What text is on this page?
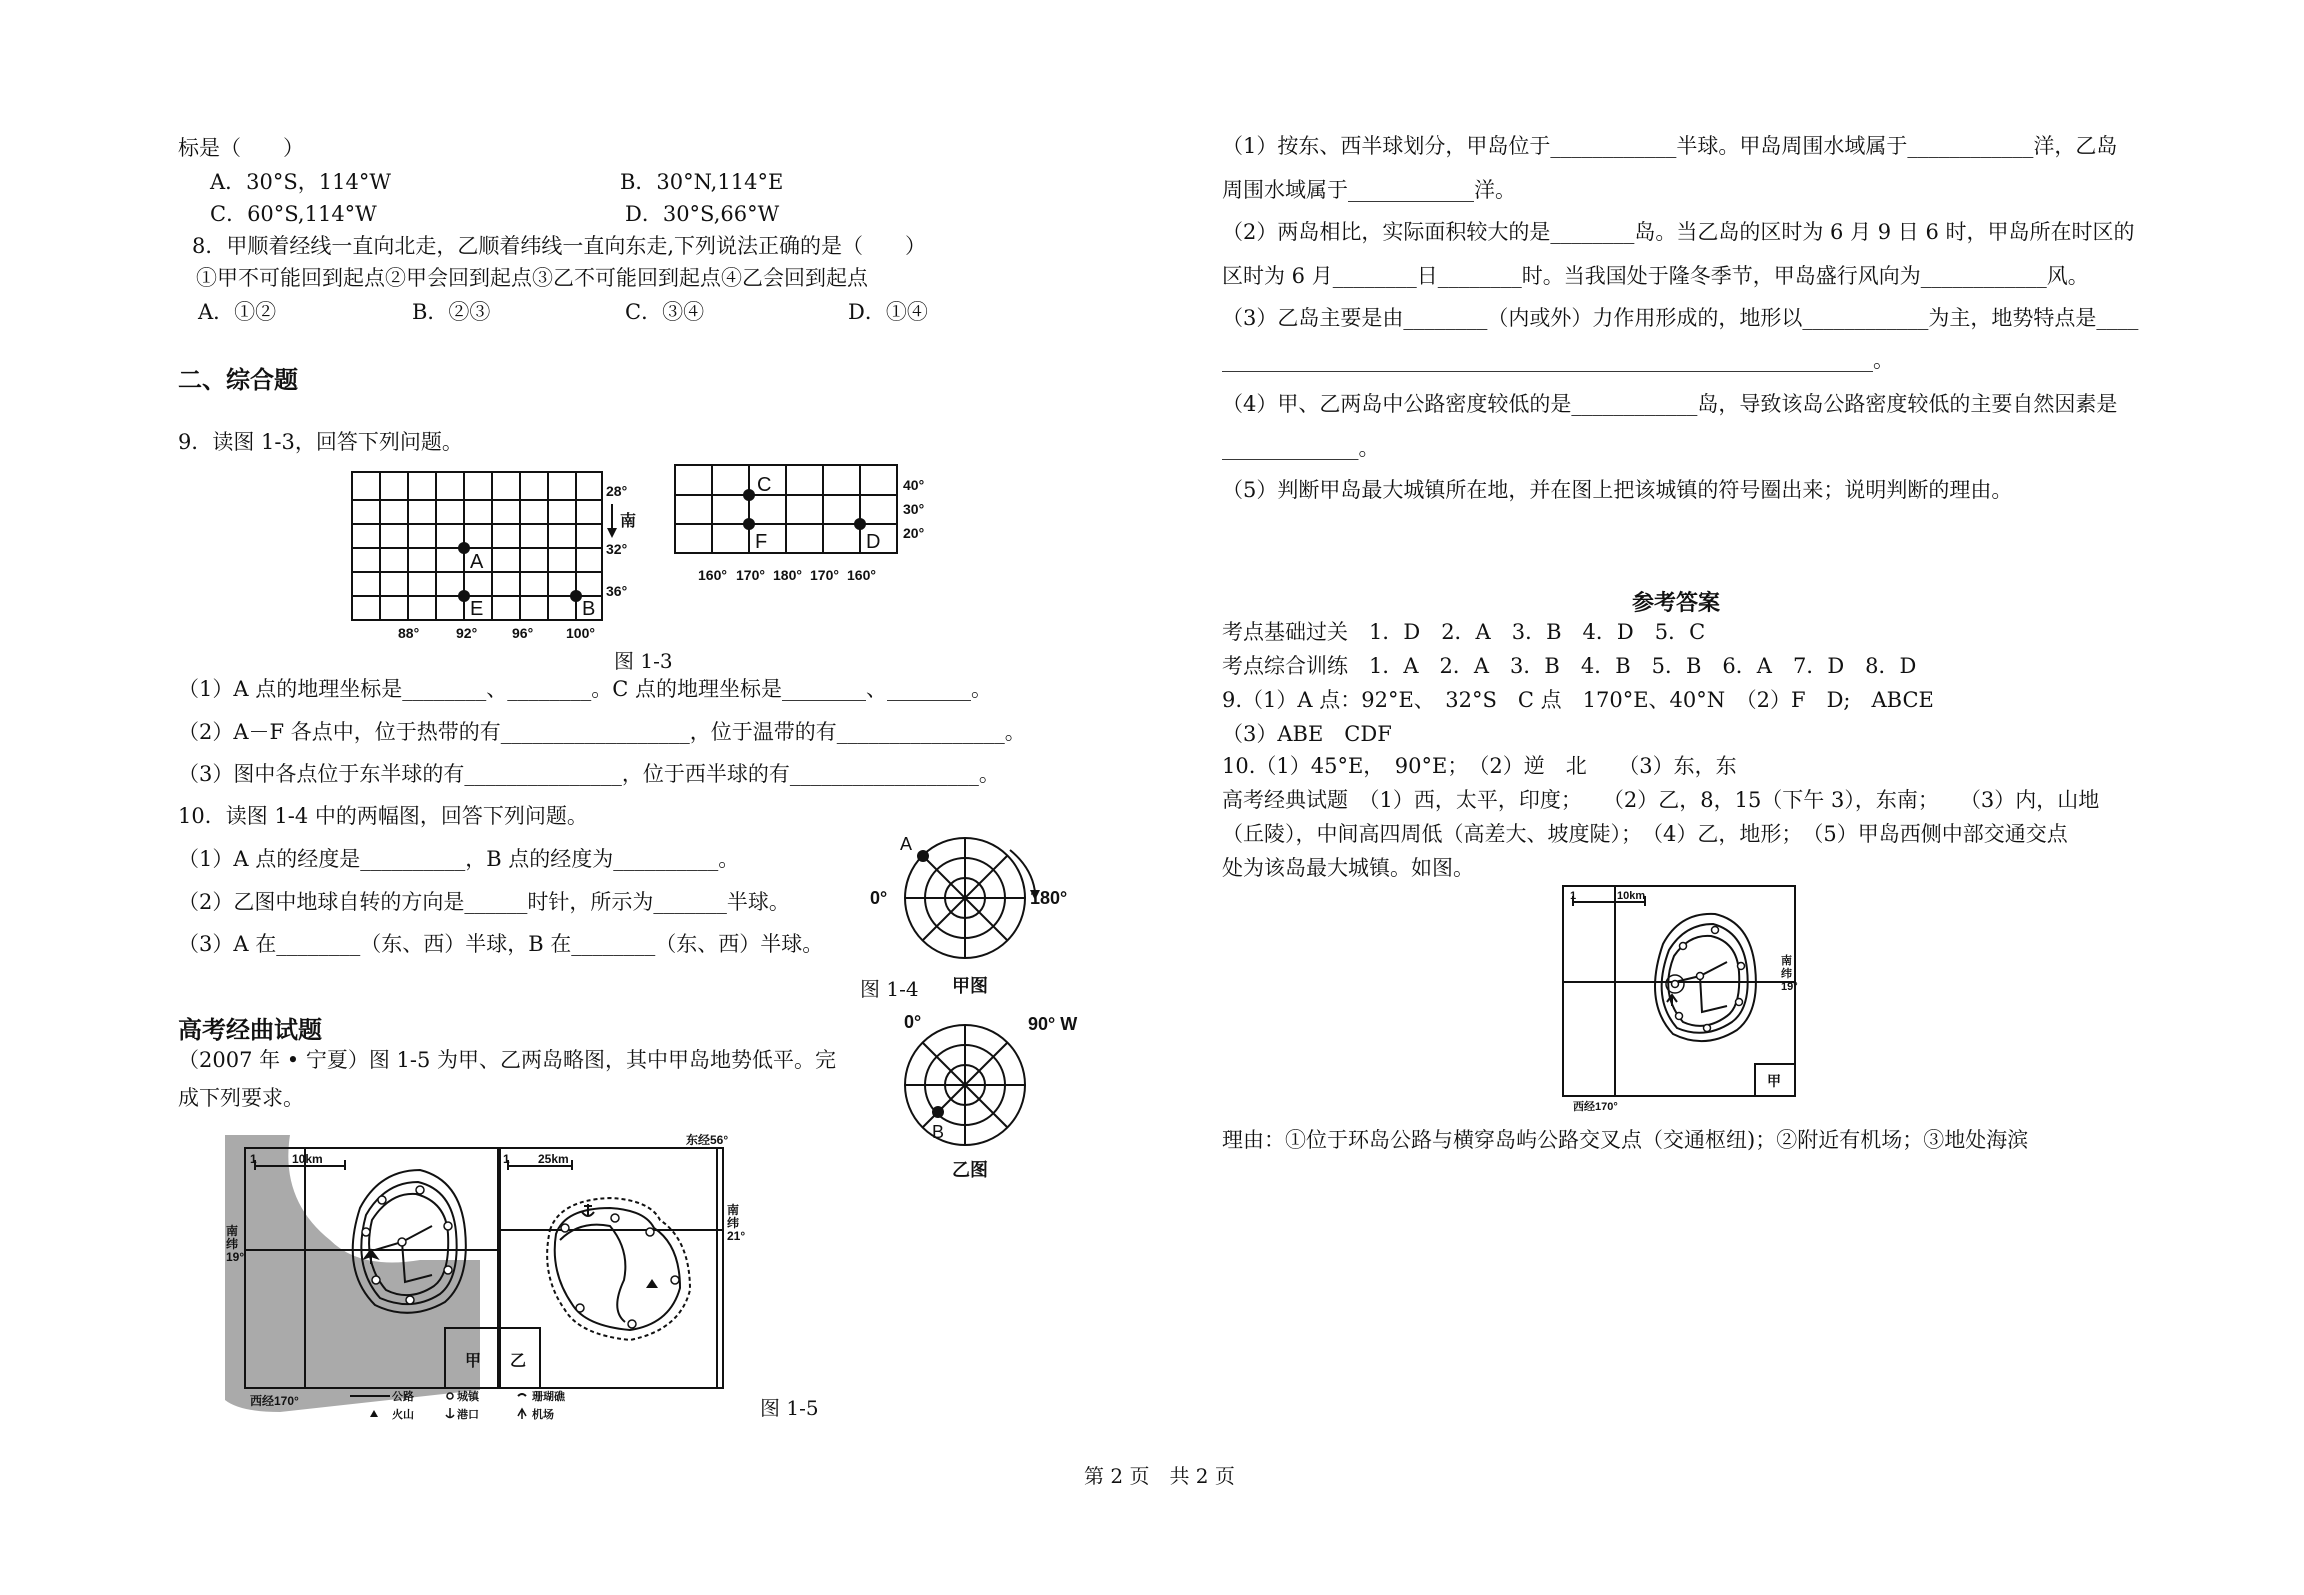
标是（　　）
A．30°S，114°W	B．30°N,114°E
C．60°S,114°W	D．30°S,66°W
8．甲顺着经线一直向北走，乙顺着纬线一直向东走,下列说法正确的是（　　）
①甲不可能回到起点②甲会回到起点③乙不可能回到起点④乙会回到起点
A．①②	B．②③	C．③④	D．①④
二、综合题
9．读图 1-3，回答下列问题。
28°
南
32°
36°
88°	92° 96° 100°
40°
30°
20°
160° 170° 180° 170° 160°
A
E	B
C
F	D
图 1-3
（1）A 点的地理坐标是________、________。C 点的地理坐标是________、________。
（2）A－F 各点中，位于热带的有__________________，位于温带的有________________。
（3）图中各点位于东半球的有_______________，位于西半球的有__________________。
10．读图 1-4 中的两幅图，回答下列问题。
（1）A 点的经度是__________，B 点的经度为__________。
（2）乙图中地球自转的方向是______时针，所示为_______半球。
（3）A 在________（东、西）半球，B 在________（东、西）半球。
A
0°	180°
甲图
0°	90° W
B
乙图
图 1-4
高考经曲试题
（2007 年 • 宁夏）图 1-5 为甲、乙两岛略图，其中甲岛地势低平。完
成下列要求。
1	10km
南
纬
19°
西经170°
甲
1 25km
东经56°
南
纬
21°
乙
公路	城镇	珊瑚礁
火山	港口	机场	图 1-5
（1）按东、西半球划分，甲岛位于____________半球。甲岛周围水域属于____________洋，乙岛
周围水域属于____________洋。
（2）两岛相比，实际面积较大的是________岛。当乙岛的区时为 6 月 9 日 6 时，甲岛所在时区的
区时为 6 月________日________时。当我国处于隆冬季节，甲岛盛行风向为____________风。
（3）乙岛主要是由________（内或外）力作用形成的，地形以____________为主，地势特点是____
______________________________________________________________。
（4）甲、乙两岛中公路密度较低的是____________岛，导致该岛公路密度较低的主要自然因素是
_____________。
（5）判断甲岛最大城镇所在地，并在图上把该城镇的符号圈出来；说明判断的理由。
参考答案
考点基础过关　1．D　2．A　3．B　4．D　5．C
考点综合训练　1．A　2．A　3．B　4．B　5．B　6．A　7．D　8．D
9.（1）A 点：92°E、　32°S　C 点　170°E、40°N　（2）F　D;　ABCE
（3）ABE　CDF
10.（1）45°E，　90°E；　（2）逆　北　　（3）东，东
高考经典试题　（1）西，太平，印度；　　（2）乙，8，15（下午 3），东南；　　（3）内，山地
（丘陵），中间高四周低（高差大、坡度陡）；　（4）乙，地形；　（5）甲岛西侧中部交通交点
处为该岛最大城镇。如图。
1	10km
南
纬
19°
西经170°
甲
理由：①位于环岛公路与横穿岛屿公路交叉点（交通枢纽)；②附近有机场；③地处海滨
第 2 页　共 2 页
